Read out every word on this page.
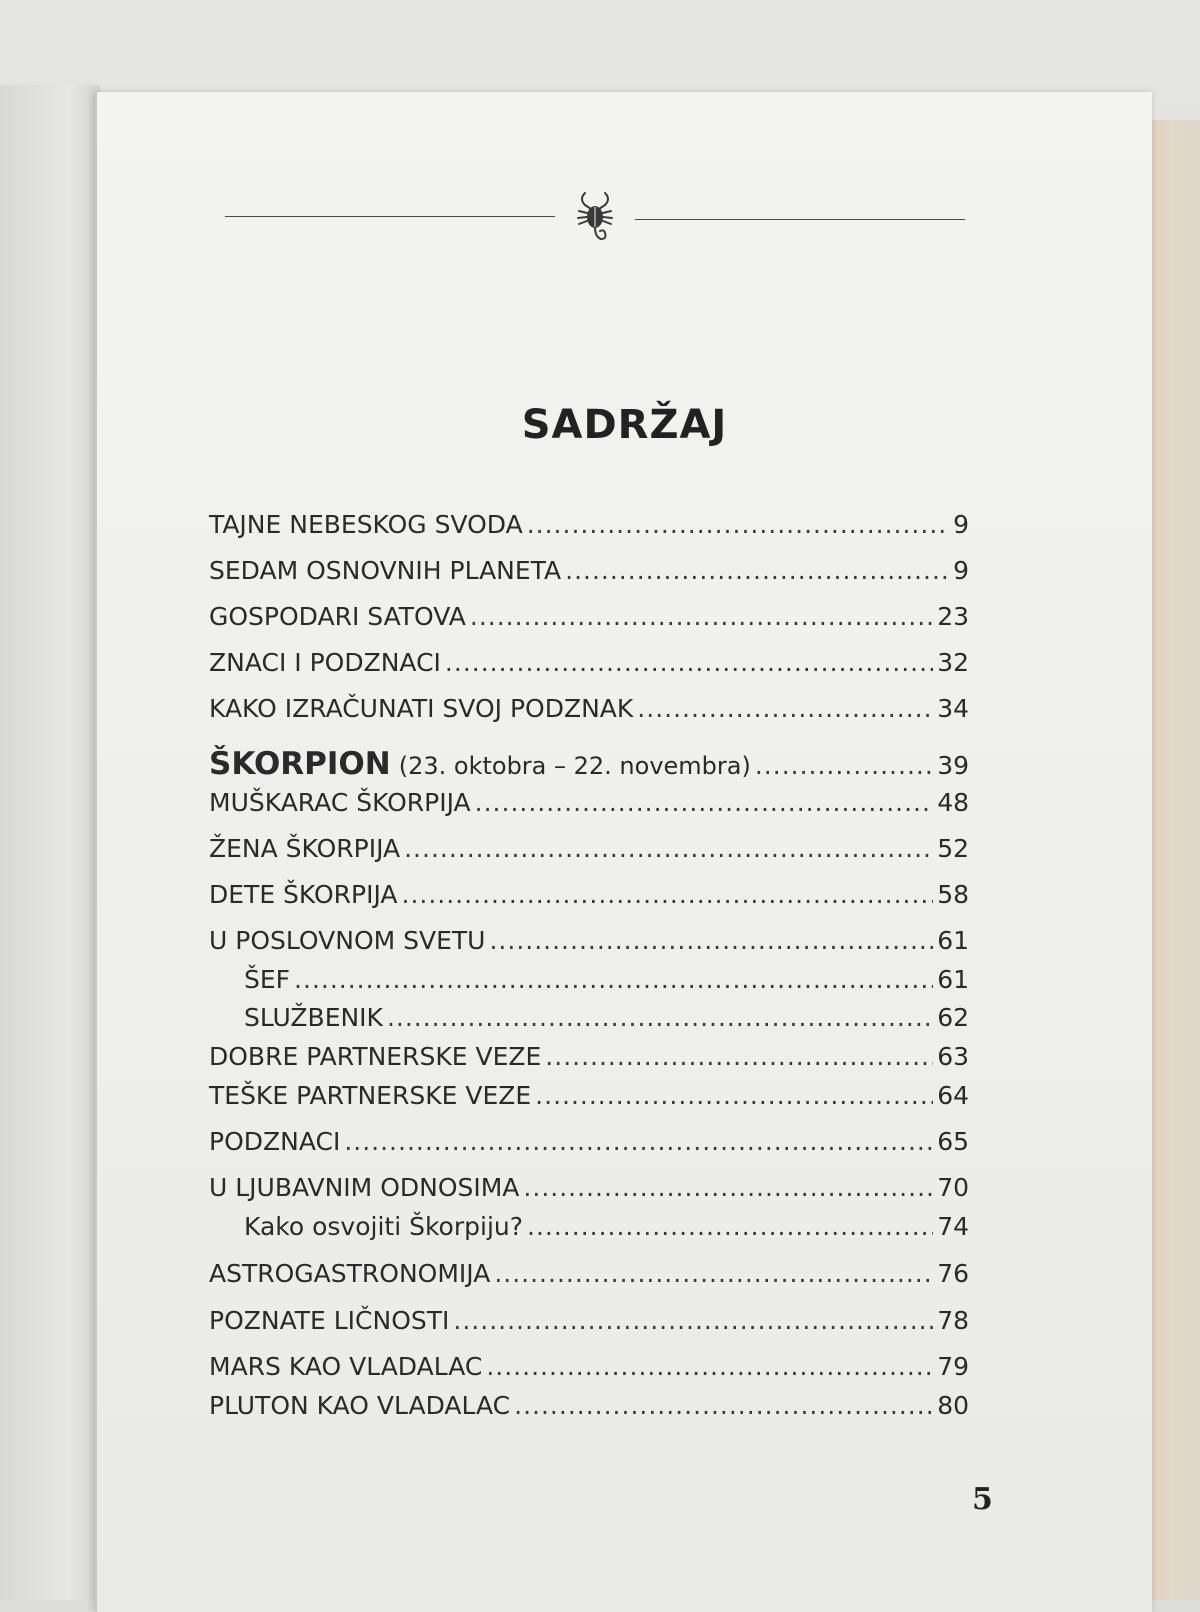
SADRŽAJ
TAJNE NEBESKOG SVODA .....	9
SEDAM OSNOVNIH PLANETA .....	9
GOSPODARI SATOVA .....	23
ZNACI I PODZNACI .....	32
KAKO IZRAČUNATI SVOJ PODZNAK .....	34
ŠKORPION (23. oktobra – 22. novembra) .....	39
MUŠKARAC ŠKORPIJA .....	48
ŽENA ŠKORPIJA .....	52
DETE ŠKORPIJA .....	58
U POSLOVNOM SVETU .....	61
ŠEF .....	61
SLUŽBENIK .....	62
DOBRE PARTNERSKE VEZE .....	63
TEŠKE PARTNERSKE VEZE .....	64
PODZNACI .....	65
U LJUBAVNIM ODNOSIMA .....	70
Kako osvojiti Škorpiju? .....	74
ASTROGASTRONOMIJA .....	76
POZNATE LIČNOSTI .....	78
MARS KAO VLADALAC .....	79
PLUTON KAO VLADALAC .....	80
5
